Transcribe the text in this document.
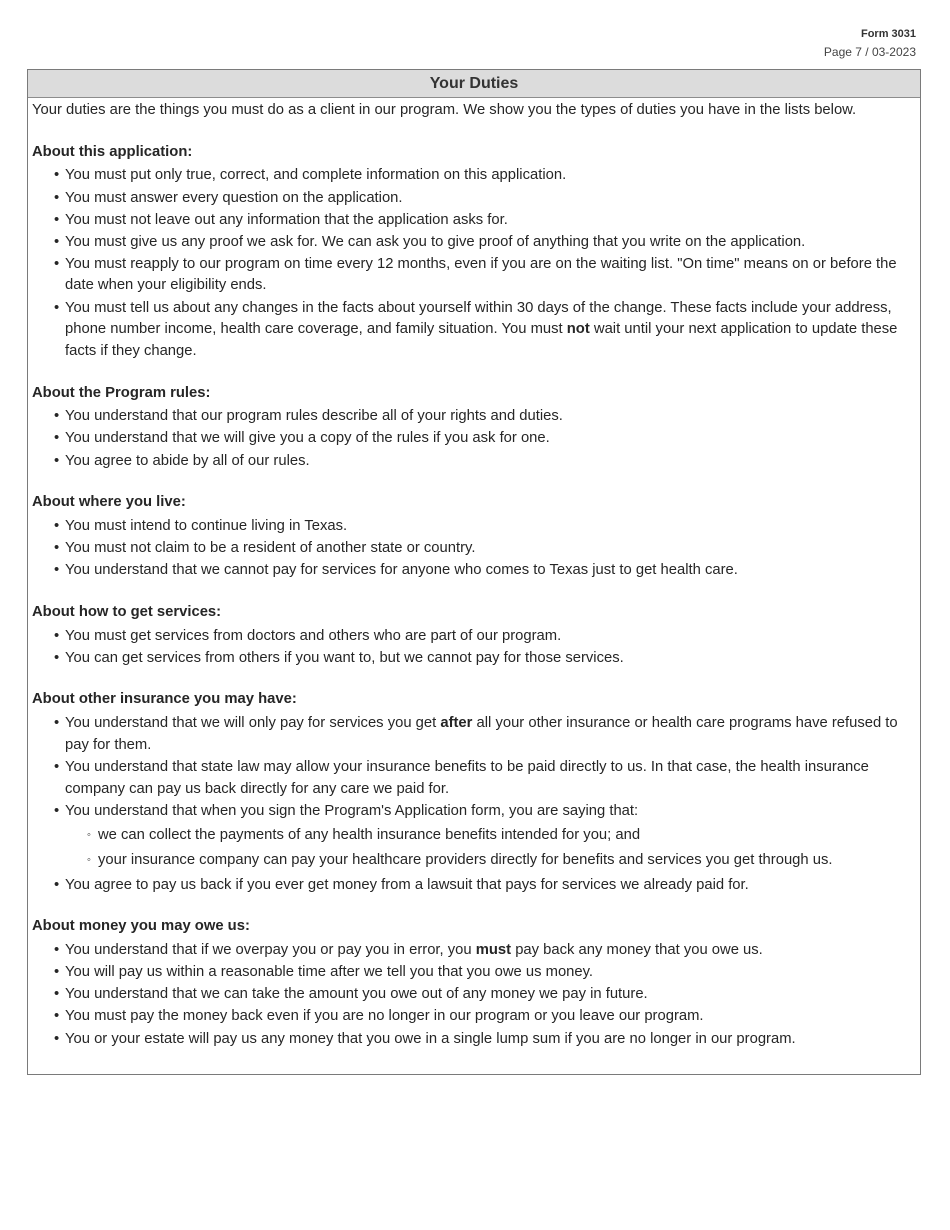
Form 3031
Page 7 / 03-2023
Your Duties

Your duties are the things you must do as a client in our program. We show you the types of duties you have in the lists below.

About this application:
• You must put only true, correct, and complete information on this application.
• You must answer every question on the application.
• You must not leave out any information that the application asks for.
• You must give us any proof we ask for. We can ask you to give proof of anything that you write on the application.
• You must reapply to our program on time every 12 months, even if you are on the waiting list. "On time" means on or before the date when your eligibility ends.
• You must tell us about any changes in the facts about yourself within 30 days of the change. These facts include your address, phone number income, health care coverage, and family situation. You must not wait until your next application to update these facts if they change.
About the Program rules:
• You understand that our program rules describe all of your rights and duties.
• You understand that we will give you a copy of the rules if you ask for one.
• You agree to abide by all of our rules.
About where you live:
• You must intend to continue living in Texas.
• You must not claim to be a resident of another state or country.
• You understand that we cannot pay for services for anyone who comes to Texas just to get health care.
About how to get services:
• You must get services from doctors and others who are part of our program.
• You can get services from others if you want to, but we cannot pay for those services.
About other insurance you may have:
• You understand that we will only pay for services you get after all your other insurance or health care programs have refused to pay for them.
• You understand that state law may allow your insurance benefits to be paid directly to us. In that case, the health insurance company can pay us back directly for any care we paid for.
• You understand that when you sign the Program's Application form, you are saying that:
◦ we can collect the payments of any health insurance benefits intended for you; and
◦ your insurance company can pay your healthcare providers directly for benefits and services you get through us.
• You agree to pay us back if you ever get money from a lawsuit that pays for services we already paid for.
About money you may owe us:
• You understand that if we overpay you or pay you in error, you must pay back any money that you owe us.
• You will pay us within a reasonable time after we tell you that you owe us money.
• You understand that we can take the amount you owe out of any money we pay in future.
• You must pay the money back even if you are no longer in our program or you leave our program.
• You or your estate will pay us any money that you owe in a single lump sum if you are no longer in our program.
